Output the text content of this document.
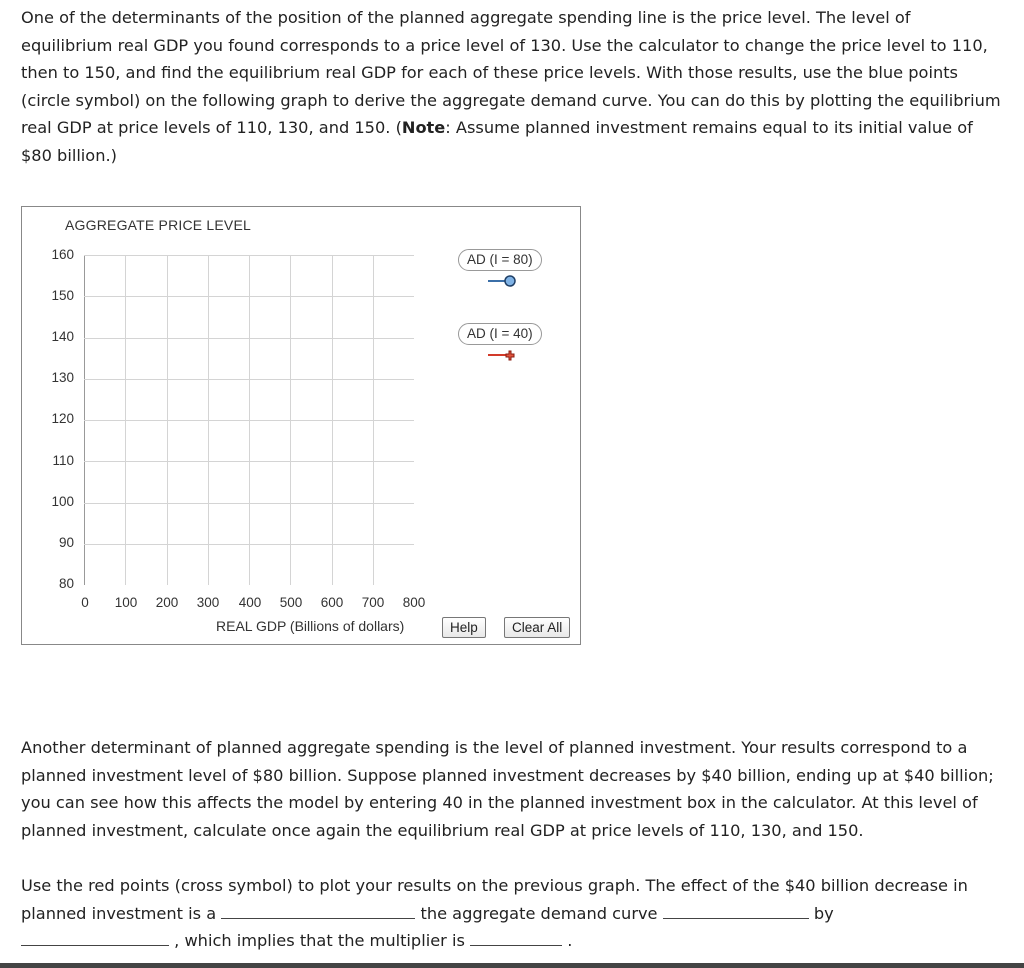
One of the determinants of the position of the planned aggregate spending line is the price level. The level of equilibrium real GDP you found corresponds to a price level of 130. Use the calculator to change the price level to 110, then to 150, and find the equilibrium real GDP for each of these price levels. With those results, use the blue points (circle symbol) on the following graph to derive the aggregate demand curve. You can do this by plotting the equilibrium real GDP at price levels of 110, 130, and 150. (Note: Assume planned investment remains equal to its initial value of $80 billion.)

AGGREGATE PRICE LEVEL
160
150
140
130
120
110
100
90
80
0 100 200 300 400 500 600 700 800
AD (I = 80)
AD (I = 40)
REAL GDP (Billions of dollars)	Help	Clear All

Another determinant of planned aggregate spending is the level of planned investment. Your results correspond to a planned investment level of $80 billion. Suppose planned investment decreases by $40 billion, ending up at $40 billion; you can see how this affects the model by entering 40 in the planned investment box in the calculator. At this level of planned investment, calculate once again the equilibrium real GDP at price levels of 110, 130, and 150.

Use the red points (cross symbol) to plot your results on the previous graph. The effect of the $40 billion decrease in planned investment is a	the aggregate demand curve	by
, which implies that the multiplier is	.
